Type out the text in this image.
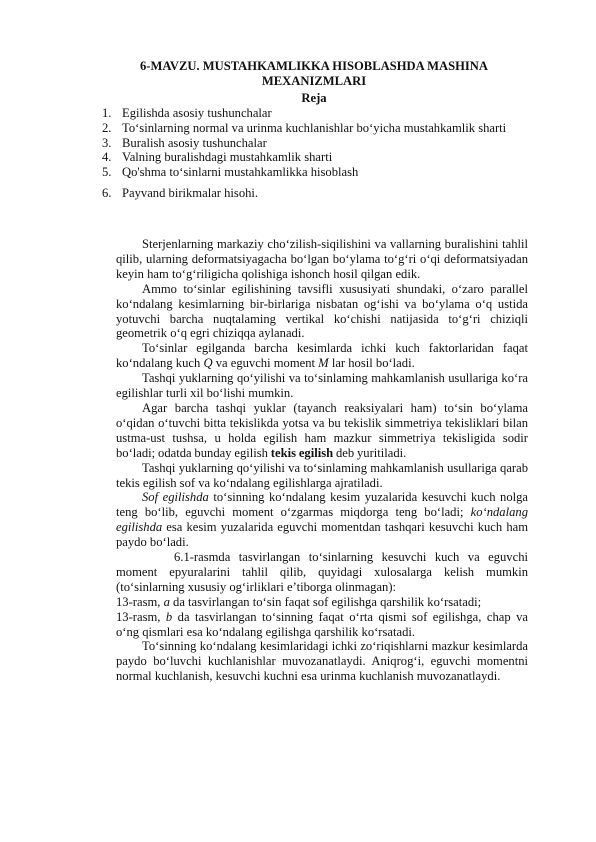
6-MAVZU. MUSTAHKAMLIKKA HISOBLASHDA MASHINA MEXANIZMLARI
Reja
1. Egilishda asosiy tushunchalar
2. To‘sinlarning normal va urinma kuchlanishlar bo‘yicha mustahkamlik sharti
3. Buralish asosiy tushunchalar
4. Valning buralishdagi mustahkamlik sharti
5. Qo'shma to‘sinlarni mustahkamlikka hisoblash
6. Payvand birikmalar hisohi.

Sterjenlarning markaziy cho‘zilish-siqilishini va vallarning buralishini tahlil qilib, ularning deformatsiyagacha bo‘lgan bo‘ylama to‘g‘ri o‘qi deformatsiyadan keyin ham to‘g‘riligicha qolishiga ishonch hosil qilgan edik.

Ammo to‘sinlar egilishining tavsifli xususiyati shundaki, o‘zaro parallel ko‘ndalang kesimlarning bir-birlariga nisbatan og‘ishi va bo‘ylama o‘q ustida yotuvchi barcha nuqtalaming vertikal ko‘chishi natijasida to‘g‘ri chiziqli geometrik o‘q egri chiziqqa aylanadi.

To‘sinlar egilganda barcha kesimlarda ichki kuch faktorlaridan faqat ko‘ndalang kuch Q va eguvchi moment M lar hosil bo‘ladi.

Tashqi yuklarning qo‘yilishi va to‘sinlaming mahkamlanish usullariga ko‘ra egilishlar turli xil bo‘lishi mumkin.

Agar barcha tashqi yuklar (tayanch reaksiyalari ham) to‘sin bo‘ylama o‘qidan o‘tuvchi bitta tekislikda yotsa va bu tekislik simmetriya tekisliklari bilan ustma-ust tushsa, u holda egilish ham mazkur simmetriya tekisligida sodir bo‘ladi; odatda bunday egilish tekis egilish deb yuritiladi.

Tashqi yuklarning qo‘yilishi va to‘sinlaming mahkamlanish usullariga qarab tekis egilish sof va ko‘ndalang egilishlarga ajratiladi.

Sof egilishda to‘sinning ko‘ndalang kesim yuzalarida kesuvchi kuch nolga teng bo‘lib, eguvchi moment o‘zgarmas miqdorga teng bo‘ladi; ko‘ndalang egilishda esa kesim yuzalarida eguvchi momentdan tashqari kesuvchi kuch ham paydo bo‘ladi.

6.1-rasmda tasvirlangan to‘sinlarning kesuvchi kuch va eguvchi moment epyuralarini tahlil qilib, quyidagi xulosalarga kelish mumkin (to‘sinlarning xususiy og‘irliklari e’tiborga olinmagan):

13-rasm, a da tasvirlangan to‘sin faqat sof egilishga qarshilik ko‘rsatadi;

13-rasm, b da tasvirlangan to‘sinning faqat o‘rta qismi sof egilishga, chap va o‘ng qismlari esa ko‘ndalang egilishga qarshilik ko‘rsatadi.

To‘sinning ko‘ndalang kesimlaridagi ichki zo‘riqishlarni mazkur kesimlarda paydo bo‘luvchi kuchlanishlar muvozanatlaydi. Aniqrog‘i, eguvchi momentni normal kuchlanish, kesuvchi kuchni esa urinma kuchlanish muvozanatlaydi.
